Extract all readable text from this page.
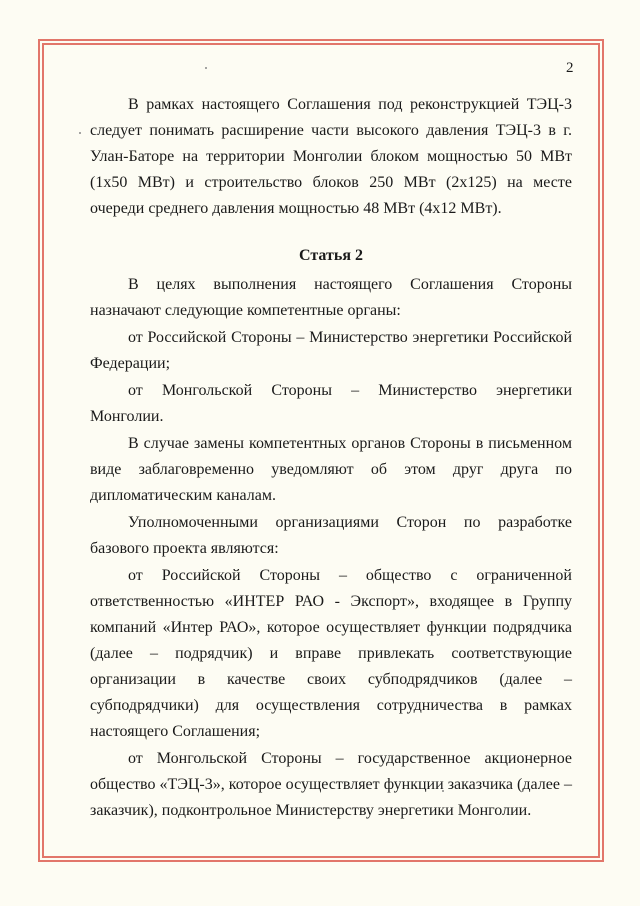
2

В рамках настоящего Соглашения под реконструкцией ТЭЦ-3 следует понимать расширение части высокого давления ТЭЦ-3 в г. Улан-Баторе на территории Монголии блоком мощностью 50 МВт (1х50 МВт) и строительство блоков 250 МВт (2х125) на месте очереди среднего давления мощностью 48 МВт (4х12 МВт).

Статья 2

В целях выполнения настоящего Соглашения Стороны назначают следующие компетентные органы:

от Российской Стороны – Министерство энергетики Российской Федерации;

от Монгольской Стороны – Министерство энергетики Монголии.

В случае замены компетентных органов Стороны в письменном виде заблаговременно уведомляют об этом друг друга по дипломатическим каналам.

Уполномоченными организациями Сторон по разработке базового проекта являются:

от Российской Стороны – общество с ограниченной ответственностью «ИНТЕР РАО - Экспорт», входящее в Группу компаний «Интер РАО», которое осуществляет функции подрядчика (далее – подрядчик) и вправе привлекать соответствующие организации в качестве своих субподрядчиков (далее – субподрядчики) для осуществления сотрудничества в рамках настоящего Соглашения;

от Монгольской Стороны – государственное акционерное общество «ТЭЦ-3», которое осуществляет функции заказчика (далее – заказчик), подконтрольное Министерству энергетики Монголии.
